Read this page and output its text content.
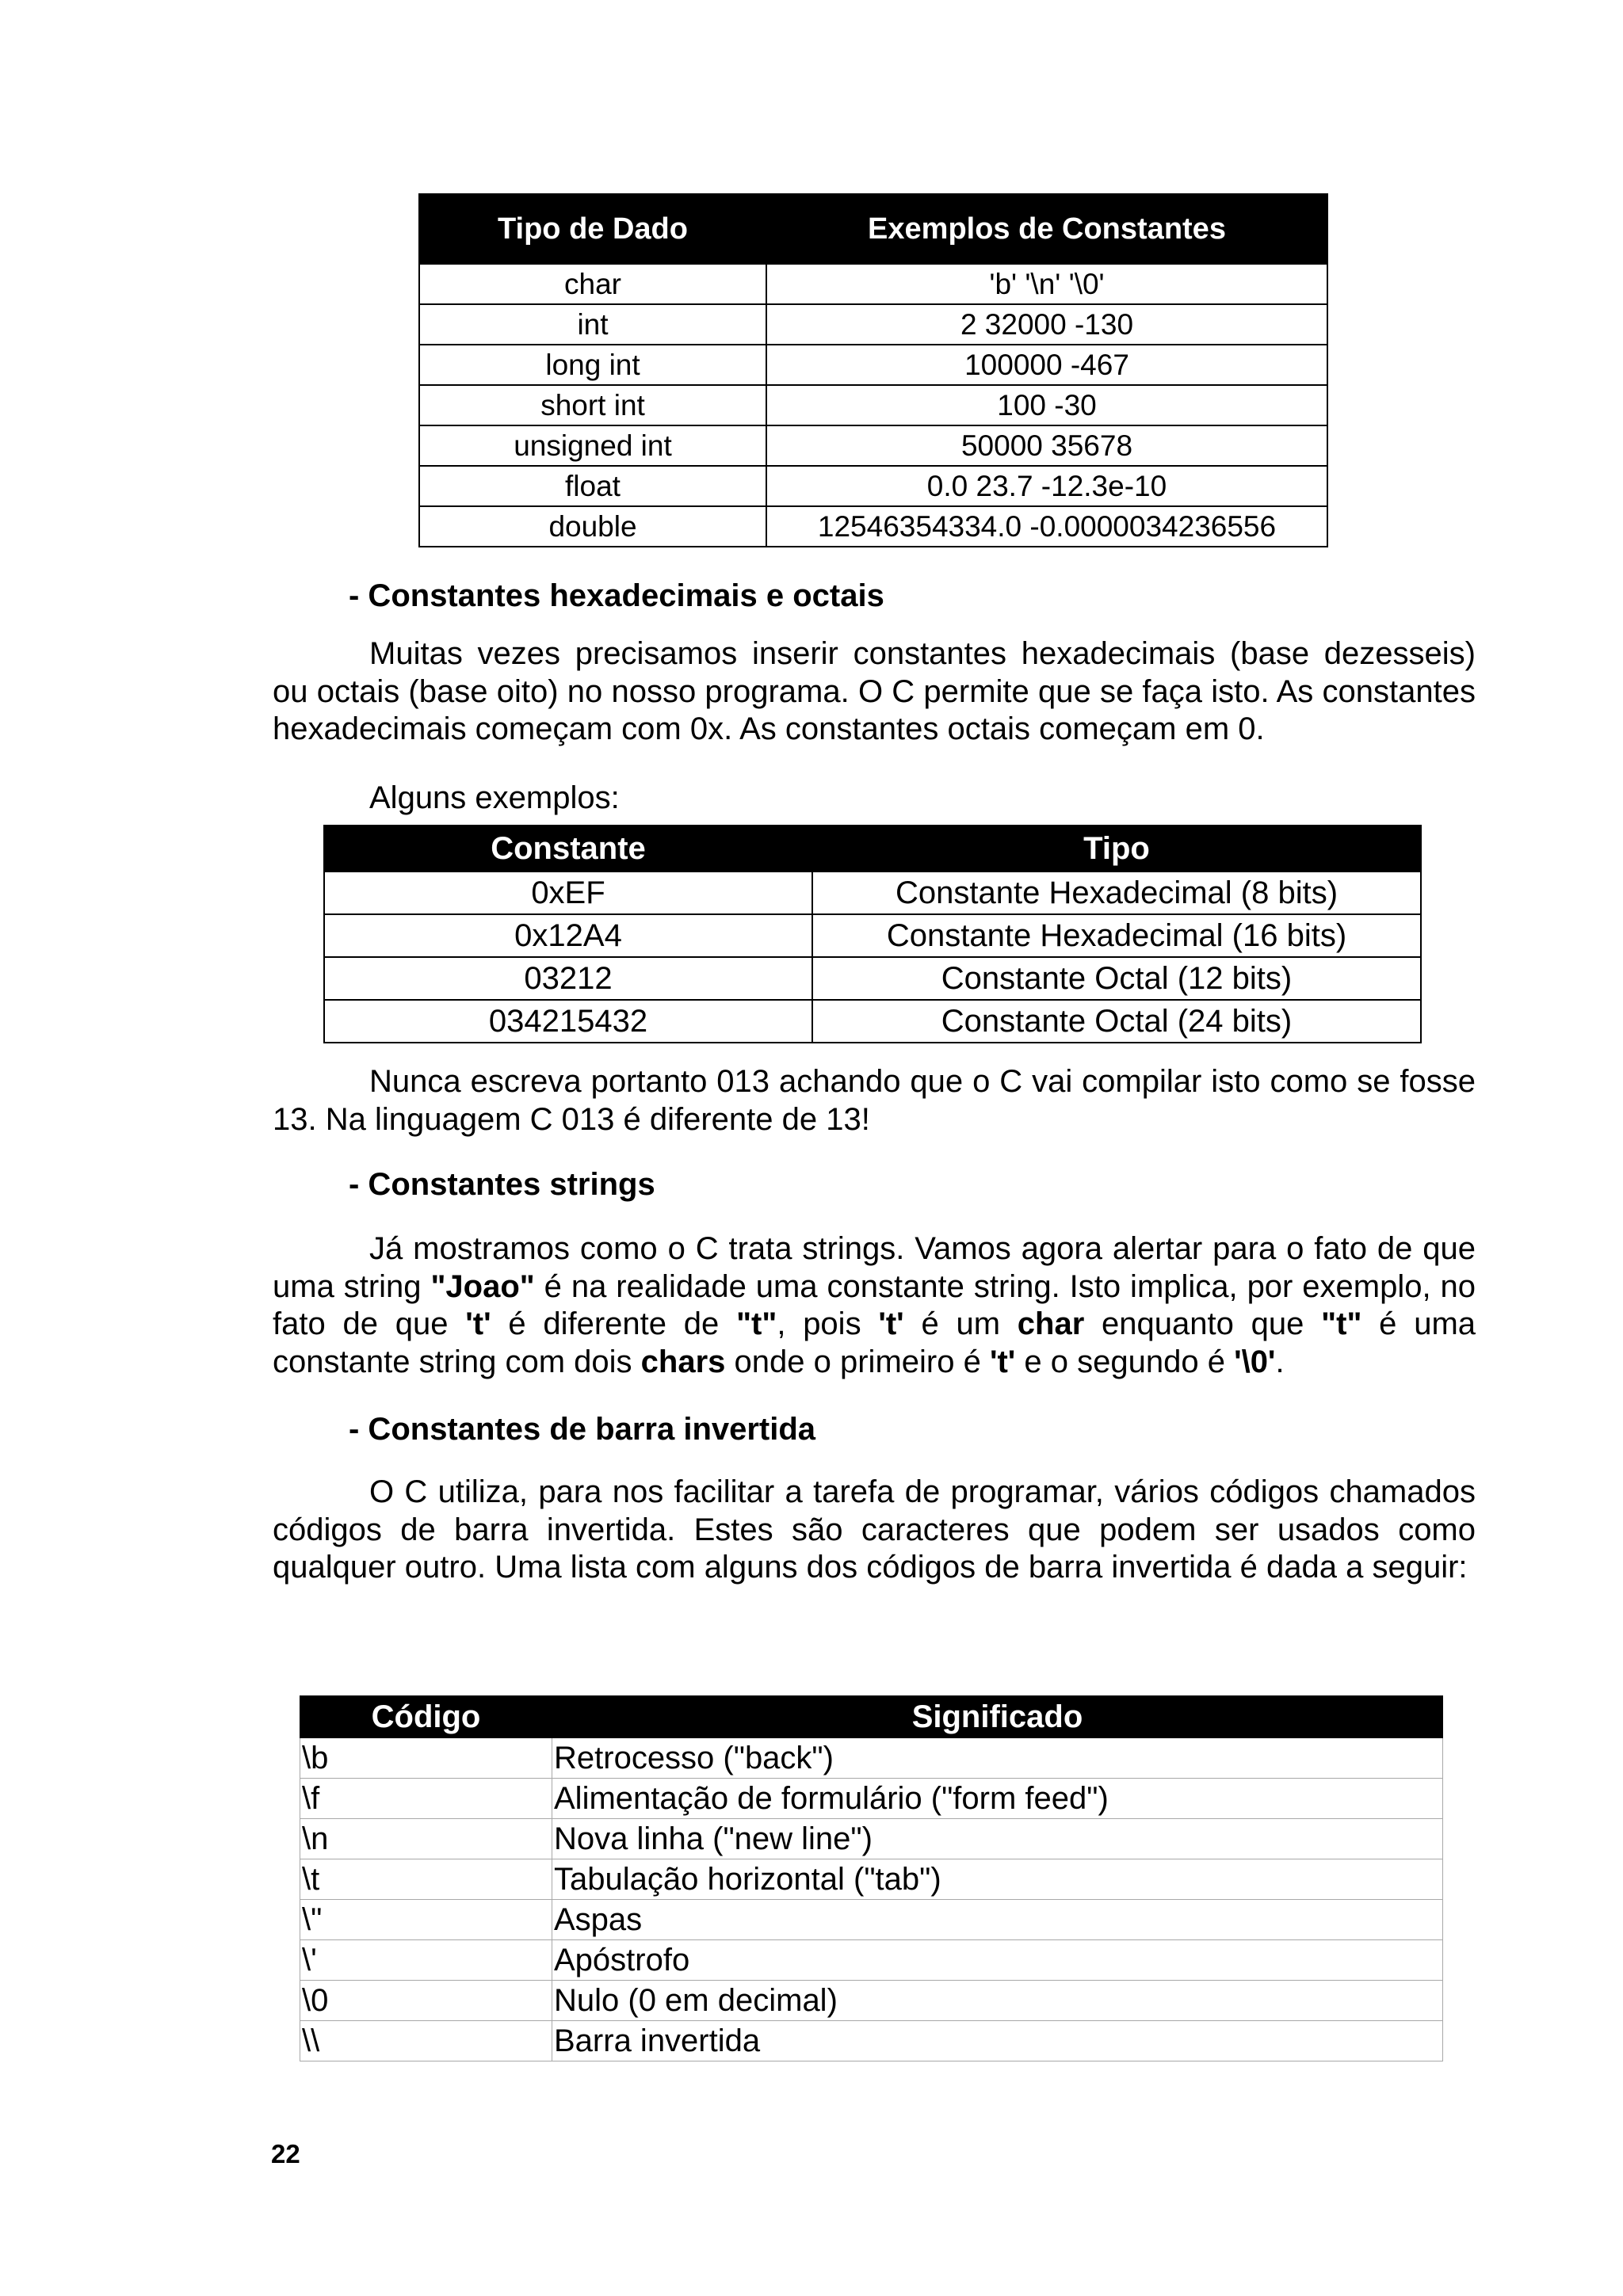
Tipo de Dado	Exemplos de Constantes
char	'b' '\n' '\0'
int	2 32000 -130
long int	100000 -467
short int	100 -30
unsigned int	50000 35678
float	0.0 23.7 -12.3e-10
double	12546354334.0 -0.0000034236556

- Constantes hexadecimais e octais

Muitas vezes precisamos inserir constantes hexadecimais (base dezesseis) ou octais (base oito) no nosso programa. O C permite que se faça isto. As constantes hexadecimais começam com 0x. As constantes octais começam em 0.

Alguns exemplos:

Constante	Tipo
0xEF	Constante Hexadecimal (8 bits)
0x12A4	Constante Hexadecimal (16 bits)
03212	Constante Octal (12 bits)
034215432	Constante Octal (24 bits)

Nunca escreva portanto 013 achando que o C vai compilar isto como se fosse 13. Na linguagem C 013 é diferente de 13!

- Constantes strings

Já mostramos como o C trata strings. Vamos agora alertar para o fato de que uma string "Joao" é na realidade uma constante string. Isto implica, por exemplo, no fato de que 't' é diferente de "t", pois 't' é um char enquanto que "t" é uma constante string com dois chars onde o primeiro é 't' e o segundo é '\0'.

- Constantes de barra invertida

O C utiliza, para nos facilitar a tarefa de programar, vários códigos chamados códigos de barra invertida. Estes são caracteres que podem ser usados como qualquer outro. Uma lista com alguns dos códigos de barra invertida é dada a seguir:

Código	Significado
\b	Retrocesso ("back")
\f	Alimentação de formulário ("form feed")
\n	Nova linha ("new line")
\t	Tabulação horizontal ("tab")
\"	Aspas
\'	Apóstrofo
\0	Nulo (0 em decimal)
\\	Barra invertida

22
